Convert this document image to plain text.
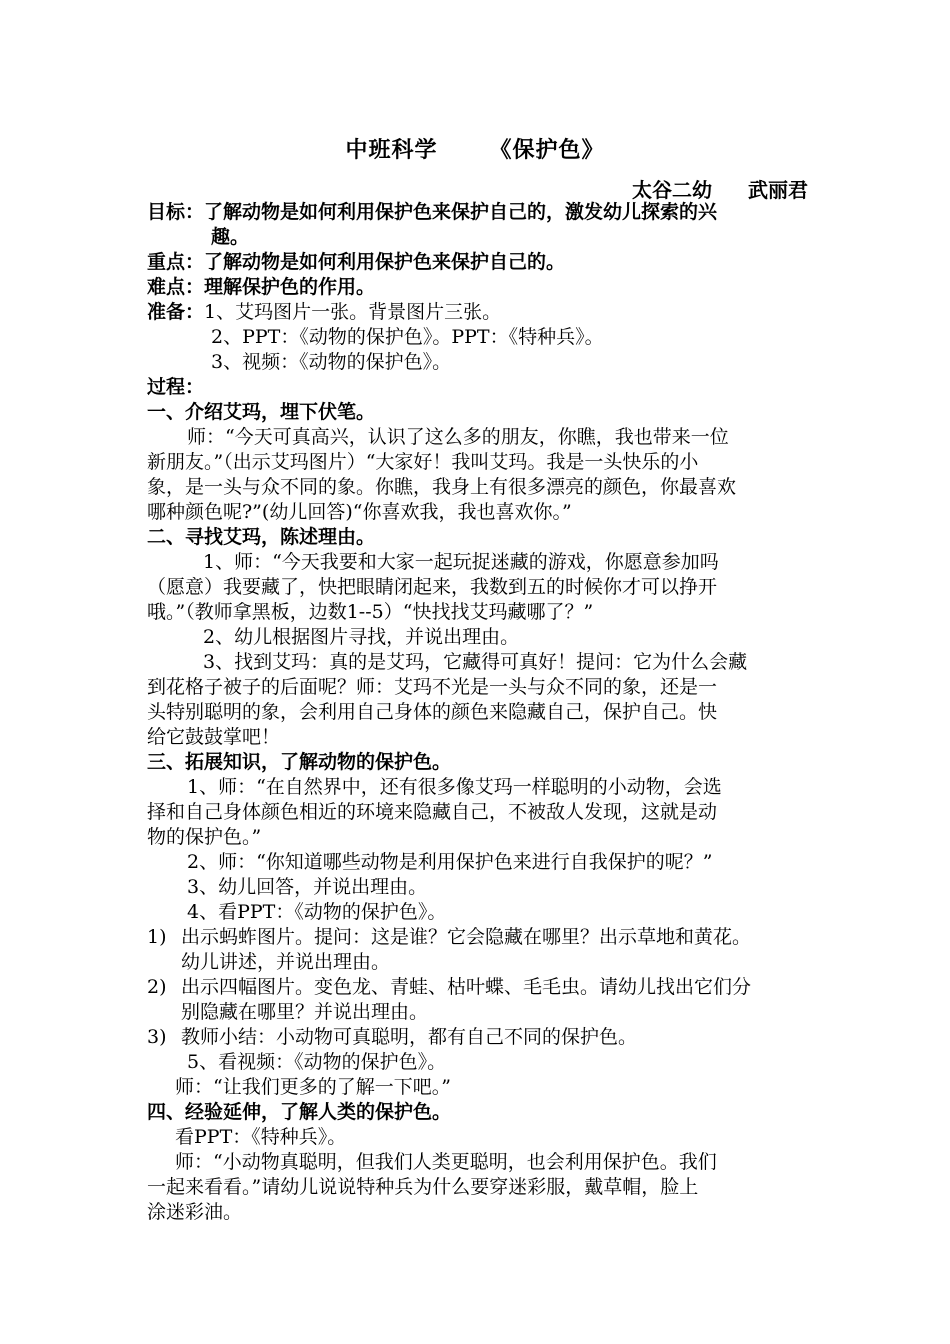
中班科学 《保护色》
太谷二幼 武丽君
目标：了解动物是如何利用保护色来保护自己的，激发幼儿探索的兴
趣。
重点：了解动物是如何利用保护色来保护自己的。
难点：理解保护色的作用。
准备：1、艾玛图片一张。背景图片三张。
2、PPT：《动物的保护色》。PPT：《特种兵》。
3、视频：《动物的保护色》。
过程：
一、介绍艾玛，埋下伏笔。
师：“今天可真高兴，认识了这么多的朋友，你瞧，我也带来一位
新朋友。”（出示艾玛图片）“大家好！我叫艾玛。我是一头快乐的小
象，是一头与众不同的象。你瞧，我身上有很多漂亮的颜色，你最喜欢
哪种颜色呢?”(幼儿回答)“你喜欢我，我也喜欢你。”
二、寻找艾玛，陈述理由。
1、师：“今天我要和大家一起玩捉迷藏的游戏，你愿意参加吗
（愿意）我要藏了，快把眼睛闭起来，我数到五的时候你才可以挣开
哦。”（教师拿黑板，边数1--5）“快找找艾玛藏哪了？”
2、幼儿根据图片寻找，并说出理由。
3、找到艾玛：真的是艾玛，它藏得可真好！提问：它为什么会藏
到花格子被子的后面呢？师：艾玛不光是一头与众不同的象，还是一
头特别聪明的象，会利用自己身体的颜色来隐藏自己，保护自己。快
给它鼓鼓掌吧！
三、拓展知识，了解动物的保护色。
1、师：“在自然界中，还有很多像艾玛一样聪明的小动物，会选
择和自己身体颜色相近的环境来隐藏自己，不被敌人发现，这就是动
物的保护色。”
2、师：“你知道哪些动物是利用保护色来进行自我保护的呢？”
3、幼儿回答，并说出理由。
4、看PPT：《动物的保护色》。
1) 出示蚂蚱图片。提问：这是谁？它会隐藏在哪里？出示草地和黄花。
幼儿讲述，并说出理由。
2) 出示四幅图片。变色龙、青蛙、枯叶蝶、毛毛虫。请幼儿找出它们分
别隐藏在哪里？并说出理由。
3) 教师小结：小动物可真聪明，都有自己不同的保护色。
5、看视频：《动物的保护色》。
师：“让我们更多的了解一下吧。”
四、经验延伸，了解人类的保护色。
看PPT：《特种兵》。
师：“小动物真聪明，但我们人类更聪明，也会利用保护色。我们
一起来看看。”请幼儿说说特种兵为什么要穿迷彩服，戴草帽，脸上
涂迷彩油。
